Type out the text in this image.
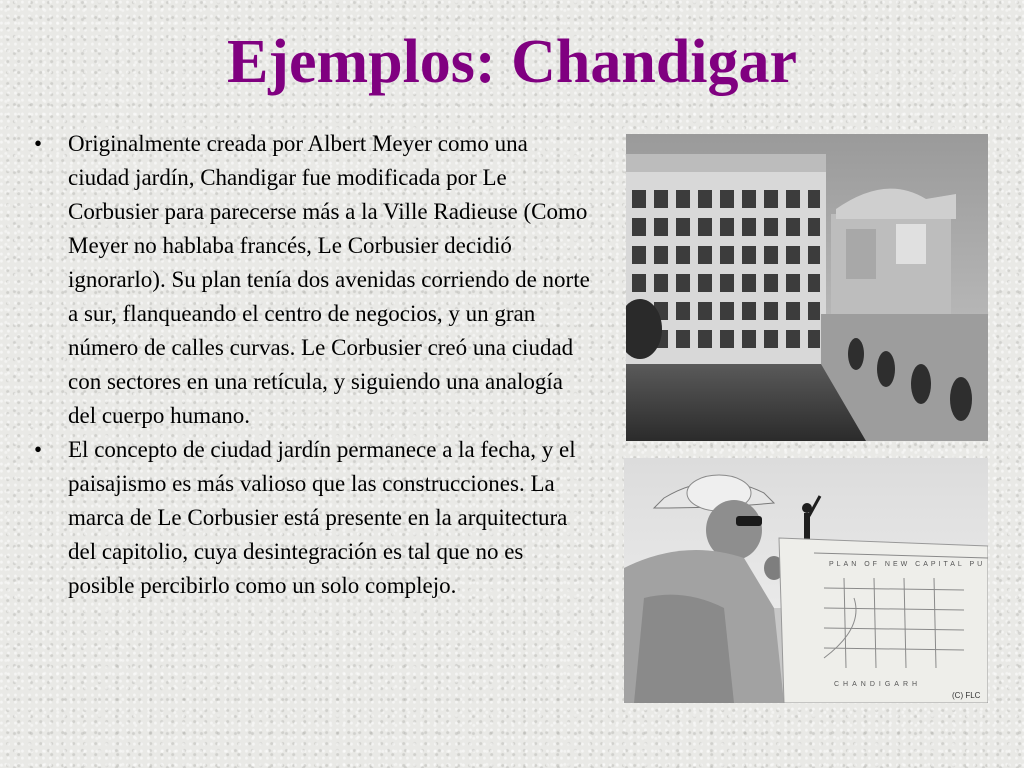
Ejemplos: Chandigar
• Originalmente creada por Albert Meyer como una ciudad jardín, Chandigar fue modificada por Le Corbusier para parecerse más a la Ville Radieuse (Como Meyer no hablaba francés, Le Corbusier decidió ignorarlo). Su plan tenía dos avenidas corriendo de norte a sur, flanqueando el centro de negocios, y un gran número de calles curvas. Le Corbusier creó una ciudad con sectores en una retícula, y siguiendo una analogía del cuerpo humano.
• El concepto de ciudad jardín permanece a la fecha, y el paisajismo es más valioso que las construcciones. La marca de Le Corbusier está presente en la arquitectura del capitolio, cuya desintegración es tal que no es posible percibirlo como un solo complejo.
PLAN OF NEW CAPITAL PU
CHANDIGARH
(C) FLC
